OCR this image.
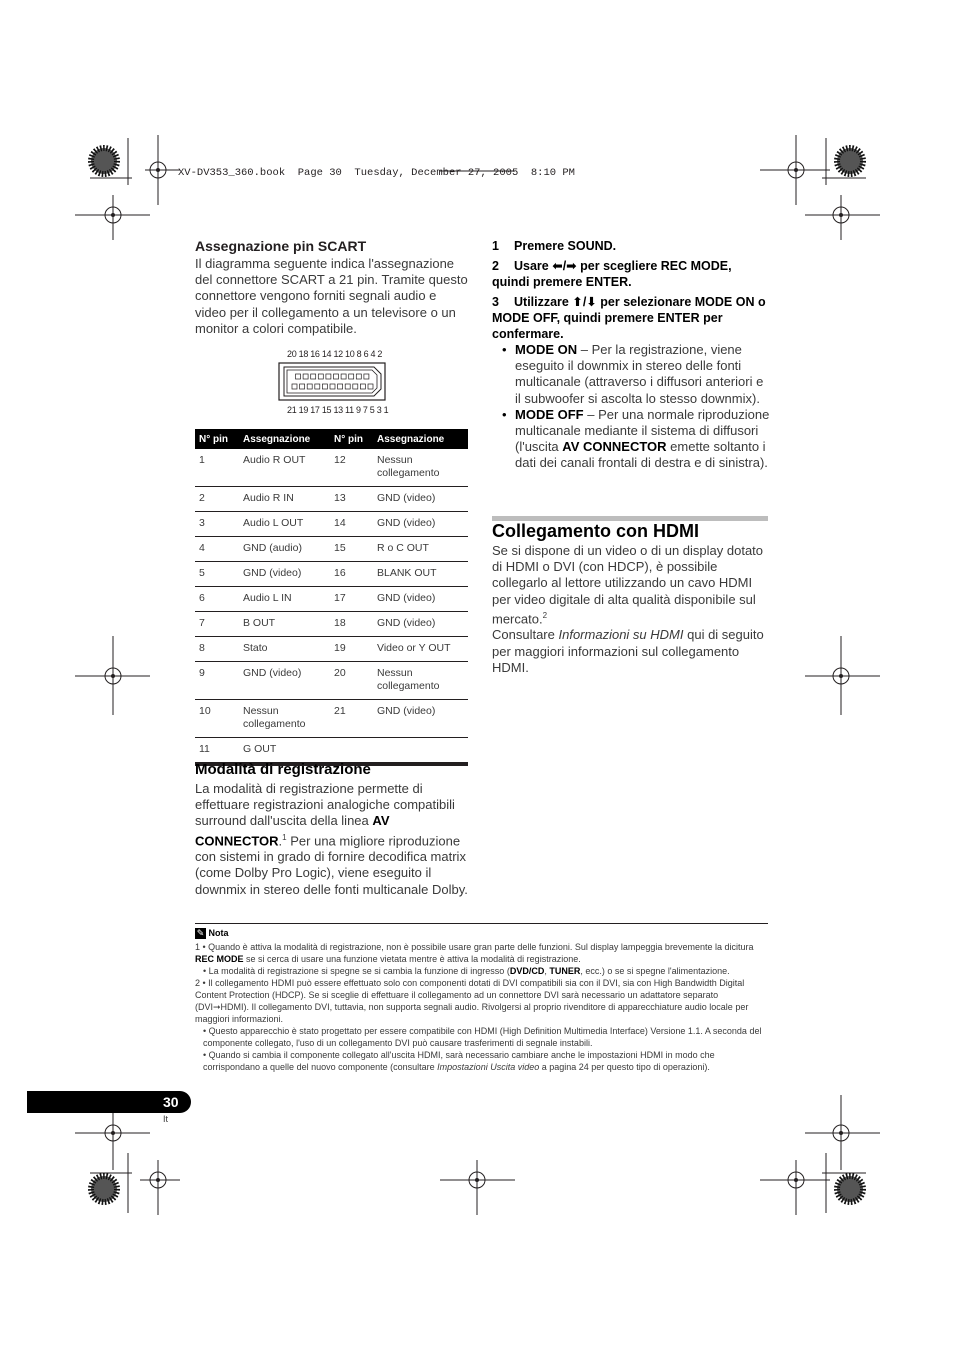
XV-DV353_360.book  Page 30  Tuesday, December 27, 2005  8:10 PM
Assegnazione pin SCART

Il diagramma seguente indica l'assegnazione del connettore SCART a 21 pin. Tramite questo connettore vengono forniti segnali audio e video per il collegamento a un televisore o un monitor a colori compatibile.

20 18 16 14 12 10 8 6 4 2
21 19 17 15 13 11 9 7 5 3 1
N° pin	Assegnazione	N° pin	Assegnazione
1	Audio R OUT	12	Nessun collegamento
2	Audio R IN	13	GND (video)
3	Audio L OUT	14	GND (video)
4	GND (audio)	15	R o C OUT
5	GND (video)	16	BLANK OUT
6	Audio L IN	17	GND (video)
7	B OUT	18	GND (video)
8	Stato	19	Video or Y OUT
9	GND (video)	20	Nessun collegamento
10	Nessun collegamento	21	GND (video)
11	G OUT		
Modalità di registrazione

La modalità di registrazione permette di effettuare registrazioni analogiche compatibili surround dall'uscita della linea AV CONNECTOR.$^1$ Per una migliore riproduzione con sistemi in grado di fornire decodifica matrix (come Dolby Pro Logic), viene eseguito il downmix in stereo delle fonti multicanale Dolby.

1 Premere SOUND.
2 Usare ⬅/➡ per scegliere REC MODE, quindi premere ENTER.
3 Utilizzare ⬆/⬇ per selezionare MODE ON o MODE OFF, quindi premere ENTER per confermare.
• MODE ON – Per la registrazione, viene eseguito il downmix in stereo delle fonti multicanale (attraverso i diffusori anteriori e il subwoofer si ascolta lo stesso downmix).
• MODE OFF – Per una normale riproduzione multicanale mediante il sistema di diffusori (l'uscita AV CONNECTOR emette soltanto i dati dei canali frontali di destra e di sinistra).
Collegamento con HDMI

Se si dispone di un video o di un display dotato di HDMI o DVI (con HDCP), è possibile collegarlo al lettore utilizzando un cavo HDMI per video digitale di alta qualità disponibile sul mercato.$^2$
Consultare Informazioni su HDMI qui di seguito per maggiori informazioni sul collegamento HDMI.

✎ Nota

1 • Quando è attiva la modalità di registrazione, non è possibile usare gran parte delle funzioni. Sul display lampeggia brevemente la dicitura REC MODE se si cerca di usare una funzione vietata mentre è attiva la modalità di registrazione.

• La modalità di registrazione si spegne se si cambia la funzione di ingresso (DVD/CD, TUNER, ecc.) o se si spegne l'alimentazione.

2 • Il collegamento HDMI può essere effettuato solo con componenti dotati di DVI compatibili sia con il DVI, sia con High Bandwidth Digital Content Protection (HDCP). Se si sceglie di effettuare il collegamento ad un connettore DVI sarà necessario un adattatore separato (DVI➞HDMI). Il collegamento DVI, tuttavia, non supporta segnali audio. Rivolgersi al proprio rivenditore di apparecchiature audio locale per maggiori informazioni.

• Questo apparecchio è stato progettato per essere compatibile con HDMI (High Definition Multimedia Interface) Versione 1.1. A seconda del componente collegato, l'uso di un collegamento DVI può causare trasferimenti di segnale instabili.

• Quando si cambia il componente collegato all'uscita HDMI, sarà necessario cambiare anche le impostazioni HDMI in modo che corrispondano a quelle del nuovo componente (consultare Impostazioni Uscita video a pagina 24 per questo tipo di operazioni).

30
It
